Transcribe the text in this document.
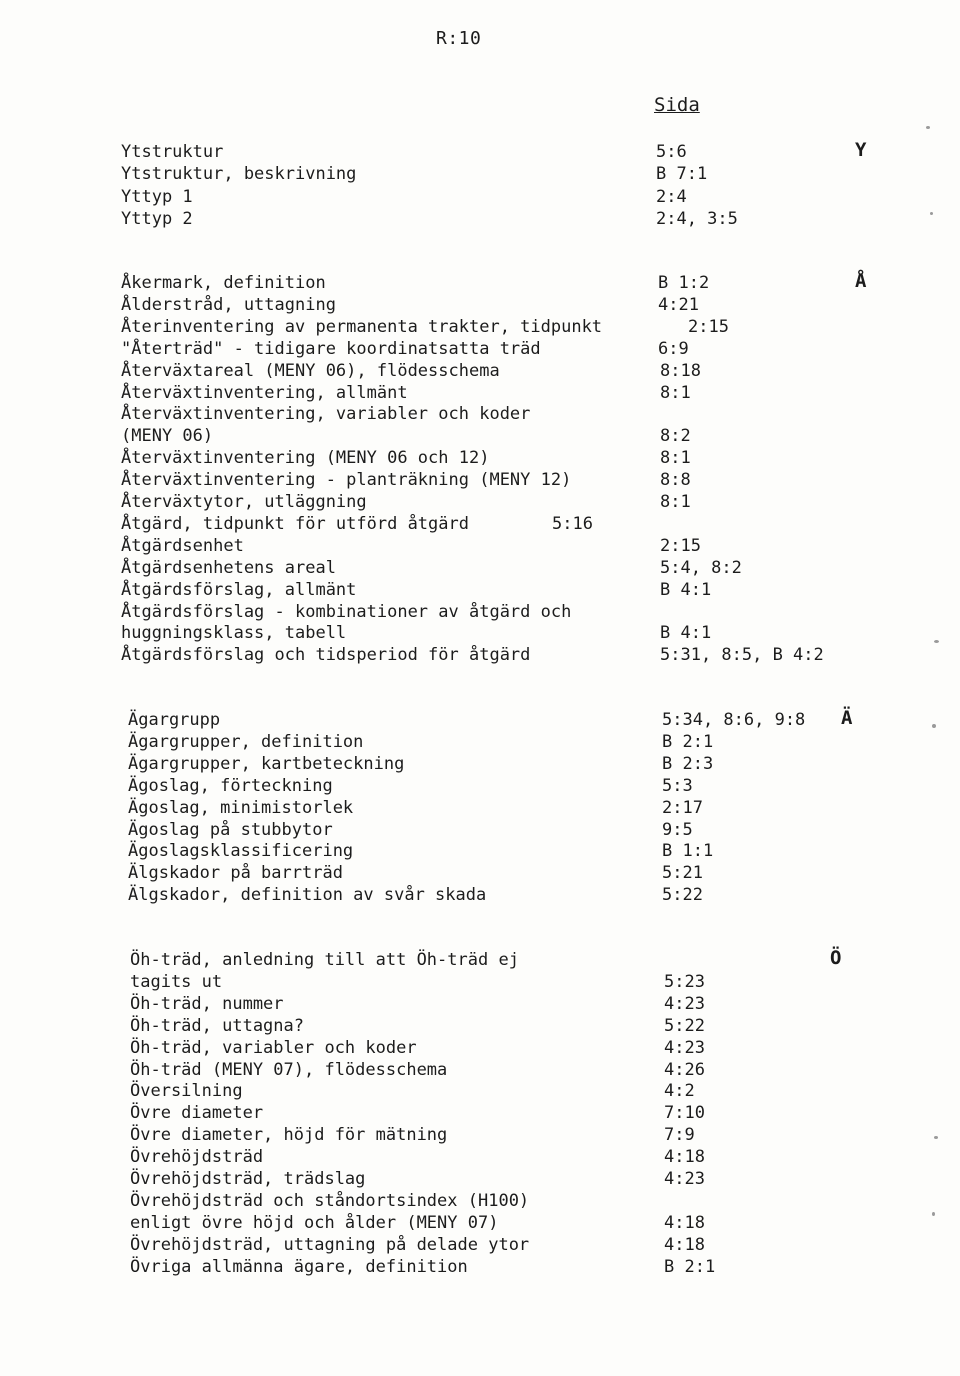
R:10
Sida
Y
Ytstruktur	5:6
Ytstruktur, beskrivning	B 7:1
Yttyp 1	2:4
Yttyp 2	2:4, 3:5
Å
Åkermark, definition	B 1:2
Ålderstråd, uttagning	4:21
Återinventering av permanenta trakter, tidpunkt	2:15
"Återträd" - tidigare koordinatsatta träd	6:9
Återväxtareal (MENY 06), flödesschema	8:18
Återväxtinventering, allmänt	8:1
Återväxtinventering, variabler och koder
(MENY 06)	8:2
Återväxtinventering (MENY 06 och 12)	8:1
Återväxtinventering - planträkning (MENY 12)	8:8
Återväxtytor, utläggning	8:1
Åtgärd, tidpunkt för utförd åtgärd	5:16
Åtgärdsenhet	2:15
Åtgärdsenhetens areal	5:4, 8:2
Åtgärdsförslag, allmänt	B 4:1
Åtgärdsförslag - kombinationer av åtgärd och
huggningsklass, tabell	B 4:1
Åtgärdsförslag och tidsperiod för åtgärd	5:31, 8:5, B 4:2
Ä
Ägargrupp	5:34, 8:6, 9:8
Ägargrupper, definition	B 2:1
Ägargrupper, kartbeteckning	B 2:3
Ägoslag, förteckning	5:3
Ägoslag, minimistorlek	2:17
Ägoslag på stubbytor	9:5
Ägoslagsklassificering	B 1:1
Älgskador på barrträd	5:21
Älgskador, definition av svår skada	5:22
Ö
Öh-träd, anledning till att Öh-träd ej
tagits ut	5:23
Öh-träd, nummer	4:23
Öh-träd, uttagna?	5:22
Öh-träd, variabler och koder	4:23
Öh-träd (MENY 07), flödesschema	4:26
Översilning	4:2
Övre diameter	7:10
Övre diameter, höjd för mätning	7:9
Övrehöjdsträd	4:18
Övrehöjdsträd, trädslag	4:23
Övrehöjdsträd och ståndortsindex (H100)
enligt övre höjd och ålder (MENY 07)	4:18
Övrehöjdsträd, uttagning på delade ytor	4:18
Övriga allmänna ägare, definition	B 2:1
